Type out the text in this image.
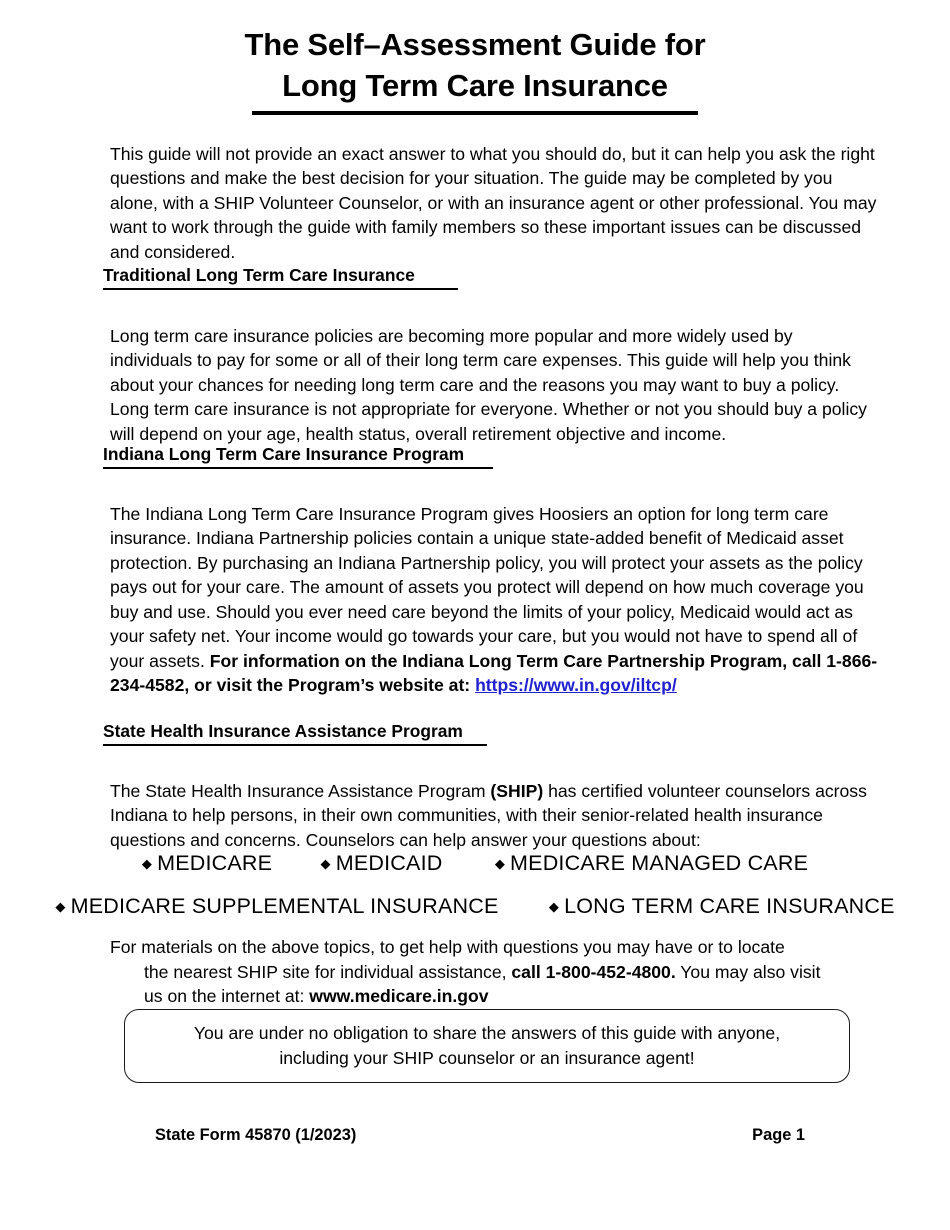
The Self–Assessment Guide for
Long Term Care Insurance

This guide will not provide an exact answer to what you should do, but it can help you ask the right questions and make the best decision for your situation. The guide may be completed by you alone, with a SHIP Volunteer Counselor, or with an insurance agent or other professional. You may want to work through the guide with family members so these important issues can be discussed and considered.

Traditional Long Term Care Insurance

Long term care insurance policies are becoming more popular and more widely used by individuals to pay for some or all of their long term care expenses. This guide will help you think about your chances for needing long term care and the reasons you may want to buy a policy. Long term care insurance is not appropriate for everyone. Whether or not you should buy a policy will depend on your age, health status, overall retirement objective and income.

Indiana Long Term Care Insurance Program

The Indiana Long Term Care Insurance Program gives Hoosiers an option for long term care insurance. Indiana Partnership policies contain a unique state-added benefit of Medicaid asset protection. By purchasing an Indiana Partnership policy, you will protect your assets as the policy pays out for your care. The amount of assets you protect will depend on how much coverage you buy and use. Should you ever need care beyond the limits of your policy, Medicaid would act as your safety net. Your income would go towards your care, but you would not have to spend all of your assets. For information on the Indiana Long Term Care Partnership Program, call 1-866-234-4582, or visit the Program’s website at: https://www.in.gov/iltcp/

State Health Insurance Assistance Program

The State Health Insurance Assistance Program (SHIP) has certified volunteer counselors across Indiana to help persons, in their own communities, with their senior-related health insurance questions and concerns. Counselors can help answer your questions about:

◆ MEDICARE	◆ MEDICAID	◆ MEDICARE MANAGED CARE
◆ MEDICARE SUPPLEMENTAL INSURANCE	◆ LONG TERM CARE INSURANCE
For materials on the above topics, to get help with questions you may have or to locate
the nearest SHIP site for individual assistance, call 1-800-452-4800. You may also visit
us on the internet at: www.medicare.in.gov
You are under no obligation to share the answers of this guide with anyone,
including your SHIP counselor or an insurance agent!
State Form 45870 (1/2023)	Page 1
